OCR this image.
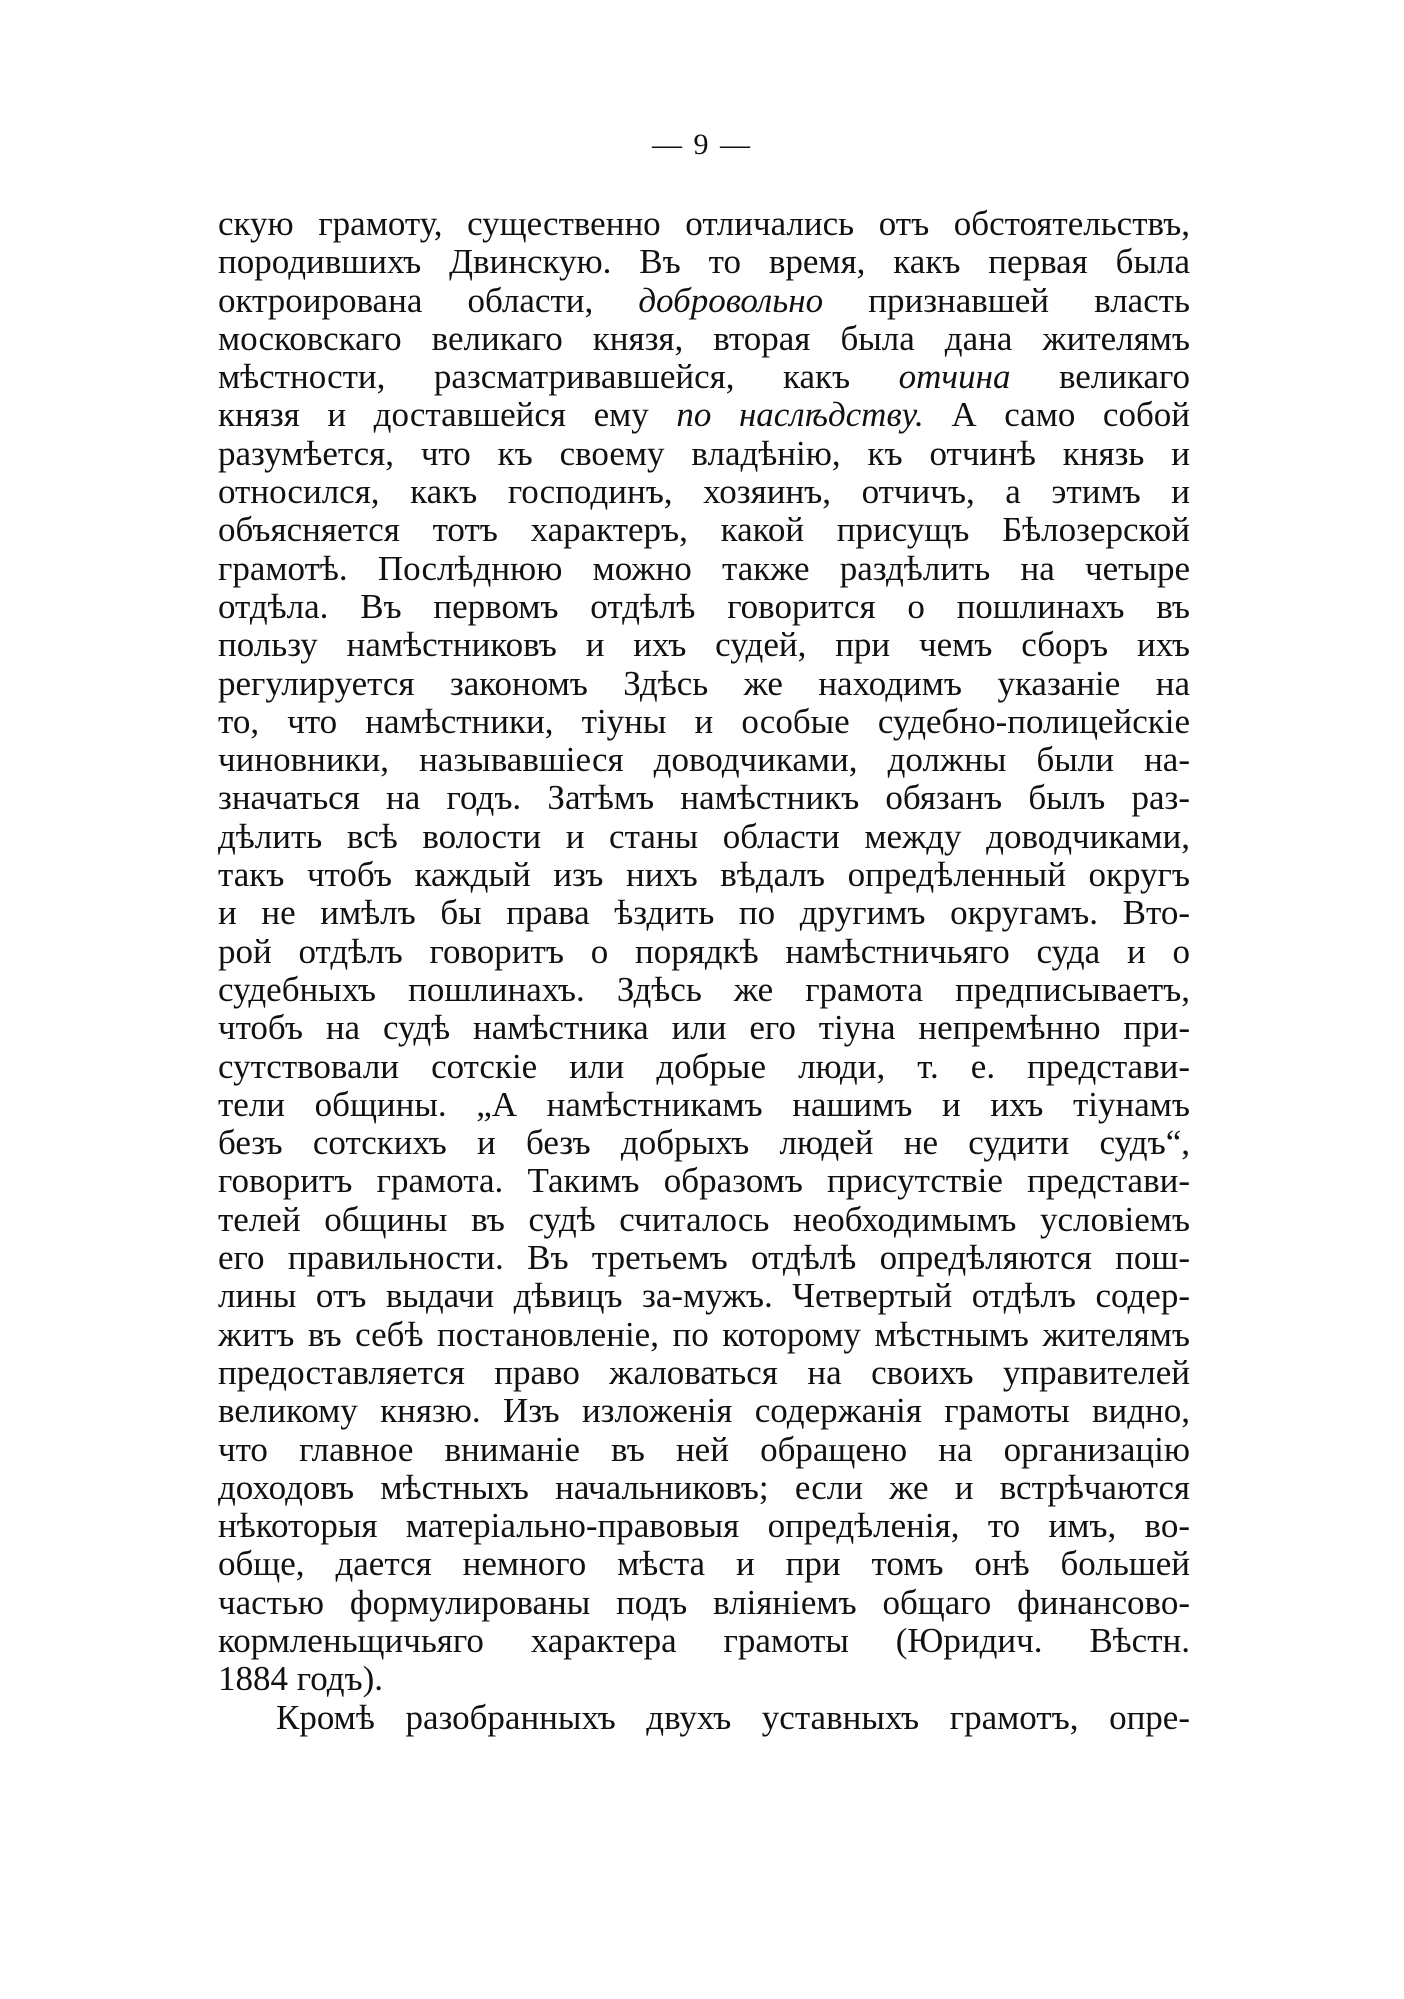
— 9 —
скую грамоту, существенно отличались отъ обстоятельствъ,
породившихъ Двинскую. Въ то время, какъ первая была
октроирована области, добровольно признавшей власть
московскаго великаго князя, вторая была дана жителямъ
мѣстности, разсматривавшейся, какъ отчина великаго
князя и доставшейся ему по наслѣдству. А само собой
разумѣется, что къ своему владѣнію, къ отчинѣ князь и
относился, какъ господинъ, хозяинъ, отчичъ, а этимъ и
объясняется тотъ характеръ, какой присущъ Бѣлозерской
грамотѣ. Послѣднюю можно также раздѣлить на четыре
отдѣла. Въ первомъ отдѣлѣ говорится о пошлинахъ въ
пользу намѣстниковъ и ихъ судей, при чемъ сборъ ихъ
регулируется закономъ Здѣсь же находимъ указаніе на
то, что намѣстники, тіуны и особые судебно-полицейскіе
чиновники, называвшіеся доводчиками, должны были на-
значаться на годъ. Затѣмъ намѣстникъ обязанъ былъ раз-
дѣлить всѣ волости и станы области между доводчиками,
такъ чтобъ каждый изъ нихъ вѣдалъ опредѣленный округъ
и не имѣлъ бы права ѣздить по другимъ округамъ. Вто-
рой отдѣлъ говоритъ о порядкѣ намѣстничьяго суда и о
судебныхъ пошлинахъ. Здѣсь же грамота предписываетъ,
чтобъ на судѣ намѣстника или его тіуна непремѣнно при-
сутствовали сотскіе или добрые люди, т. е. представи-
тели общины. „А намѣстникамъ нашимъ и ихъ тіунамъ
безъ сотскихъ и безъ добрыхъ людей не судити судъ“,
говоритъ грамота. Такимъ образомъ присутствіе представи-
телей общины въ судѣ считалось необходимымъ условіемъ
его правильности. Въ третьемъ отдѣлѣ опредѣляются пош-
лины отъ выдачи дѣвицъ за-мужъ. Четвертый отдѣлъ содер-
житъ въ себѣ постановленіе, по которому мѣстнымъ жителямъ
предоставляется право жаловаться на своихъ управителей
великому князю. Изъ изложенія содержанія грамоты видно,
что главное вниманіе въ ней обращено на организацію
доходовъ мѣстныхъ начальниковъ; если же и встрѣчаются
нѣкоторыя матеріально-правовыя опредѣленія, то имъ, во-
обще, дается немного мѣста и при томъ онѣ большей
частью формулированы подъ вліяніемъ общаго финансово-
кормленьщичьяго характера грамоты (Юридич. Вѣстн.
1884 годъ).
Кромѣ разобранныхъ двухъ уставныхъ грамотъ, опре-
